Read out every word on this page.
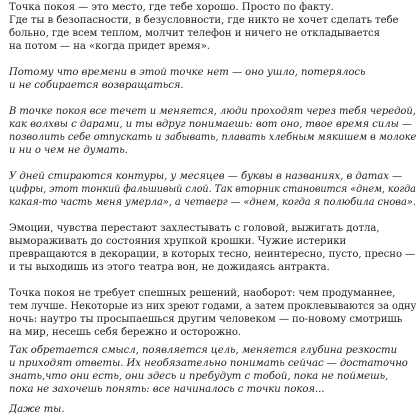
Точка покоя — это место, где тебе хорошо. Просто по факту.
Где ты в безопасности, в безусловности, где никто не хочет сделать тебе
больно, где всем теплом, молчит телефон и ничего не откладывается
на потом — на «когда придет время».
Потому что времени в этой точке нет — оно ушло, потерялось
и не собирается возвращаться.
В точке покоя все течет и меняется, люди проходят через тебя чередой,
как волхвы с дарами, и ты вдруг понимаешь: вот оно, твое время силы —
позволить себе отпускать и забывать, плавать хлебным мякишем в молоке
и ни о чем не думать.
У дней стираются контуры, у месяцев — буквы в названиях, в датах —
цифры, этот тонкий фальшивый слой. Так вторник становится «днем, когда
какая-то часть меня умерла», а четверг — «днем, когда я полюбила снова».
Эмоции, чувства перестают захлестывать с головой, выжигать дотла,
вымораживать до состояния хрупкой крошки. Чужие истерики
превращаются в декорации, в которых тесно, неинтересно, пусто, пресно —
и ты выходишь из этого театра вон, не дожидаясь антракта.
Точка покоя не требует спешных решений, наоборот: чем продуманнее,
тем лучше. Некоторые из них зреют годами, а затем проклевываются за одну
ночь: наутро ты просыпаешься другим человеком — по-новому смотришь
на мир, несешь себя бережно и осторожно.
Так обретается смысл, появляется цель, меняется глубина резкости
и приходят ответы. Их необязательно понимать сейчас — достаточно
знать,что они есть, они здесь и пребудут с тобой, пока не поймешь,
пока не захочешь понять: все начиналось с точки покоя...
Даже ты.
